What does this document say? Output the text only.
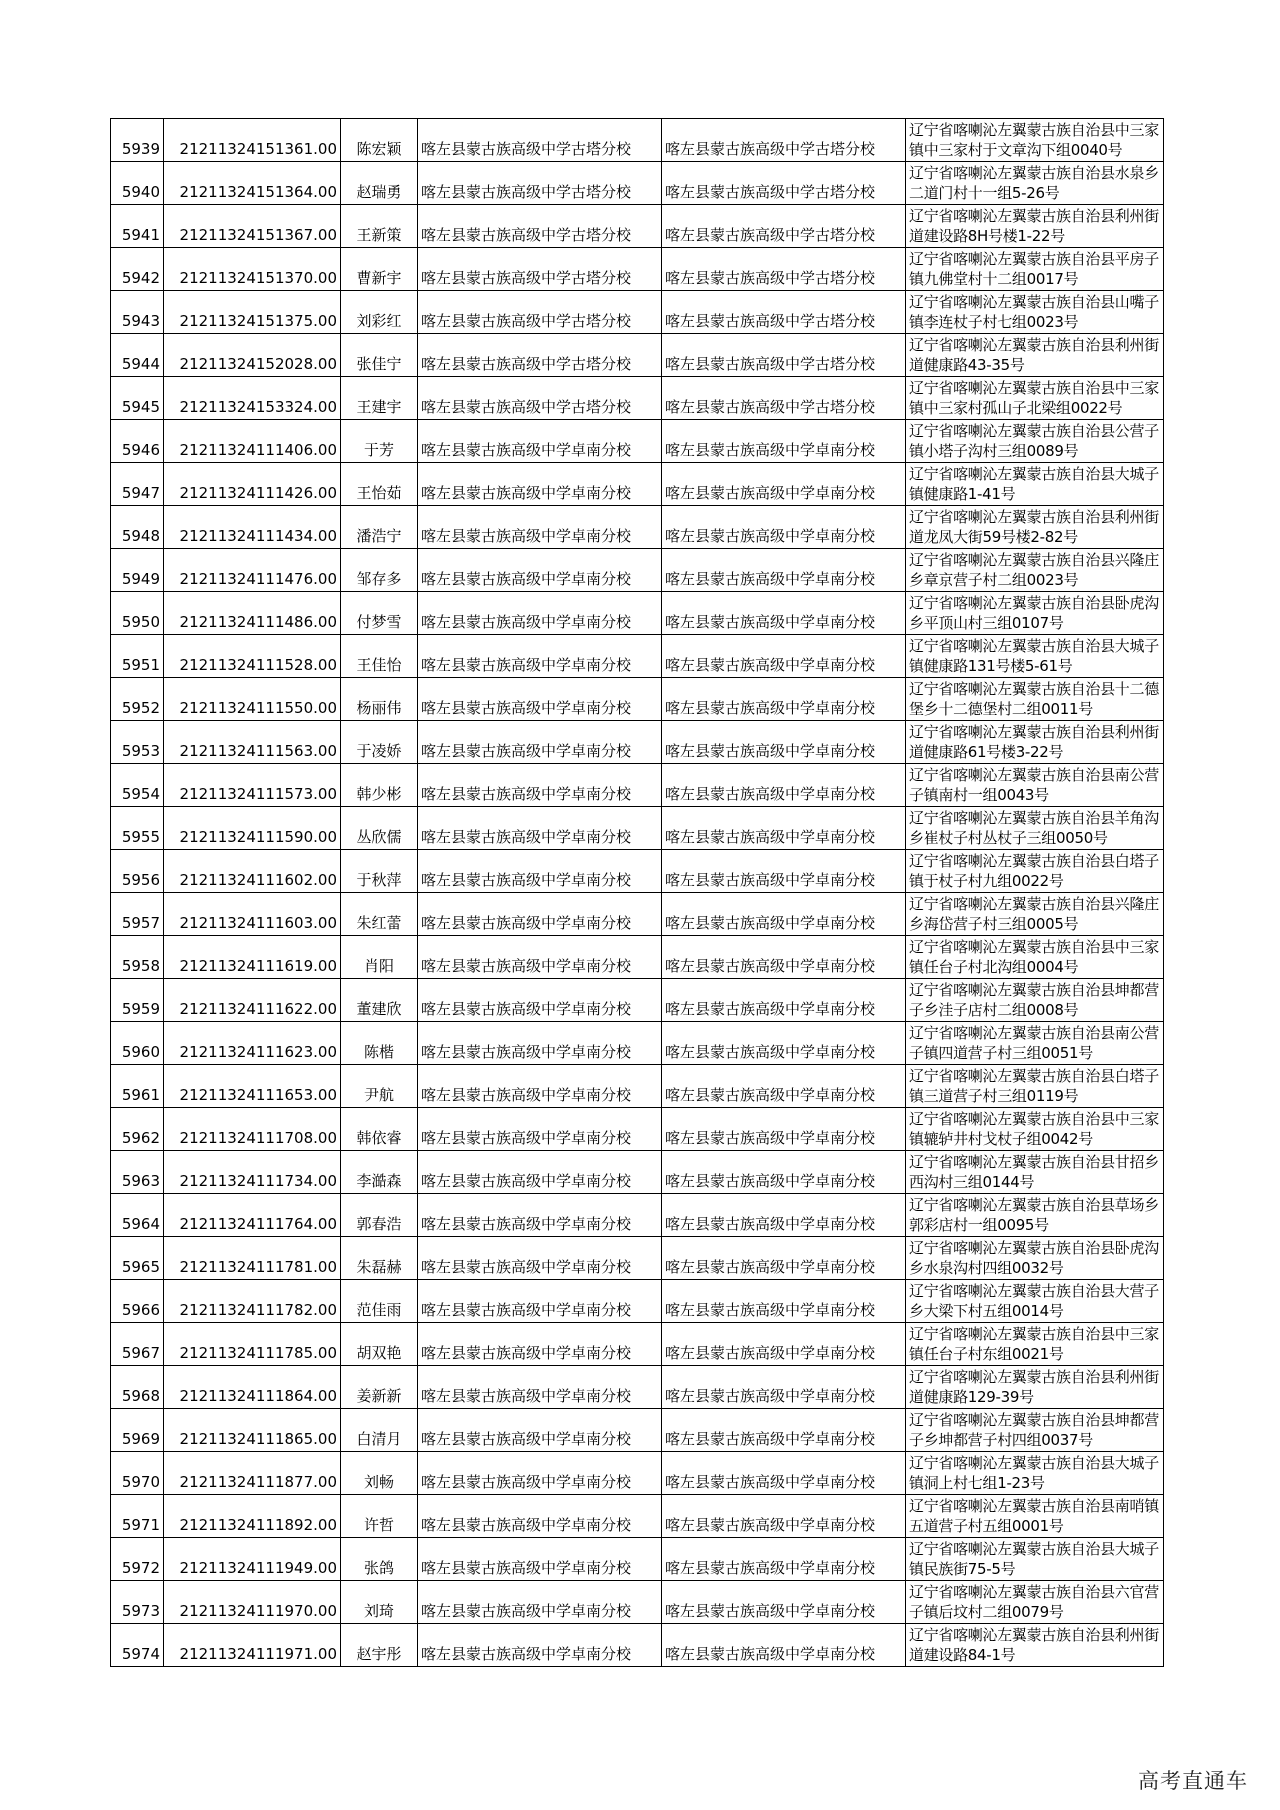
5939	21211324151361.00	陈宏颖	喀左县蒙古族高级中学古塔分校	喀左县蒙古族高级中学古塔分校	辽宁省喀喇沁左翼蒙古族自治县中三家镇中三家村于文章沟下组0040号
5940	21211324151364.00	赵瑞勇	喀左县蒙古族高级中学古塔分校	喀左县蒙古族高级中学古塔分校	辽宁省喀喇沁左翼蒙古族自治县水泉乡二道门村十一组5-26号
5941	21211324151367.00	王新策	喀左县蒙古族高级中学古塔分校	喀左县蒙古族高级中学古塔分校	辽宁省喀喇沁左翼蒙古族自治县利州街道建设路8H号楼1-22号
5942	21211324151370.00	曹新宇	喀左县蒙古族高级中学古塔分校	喀左县蒙古族高级中学古塔分校	辽宁省喀喇沁左翼蒙古族自治县平房子镇九佛堂村十二组0017号
5943	21211324151375.00	刘彩红	喀左县蒙古族高级中学古塔分校	喀左县蒙古族高级中学古塔分校	辽宁省喀喇沁左翼蒙古族自治县山嘴子镇李连杖子村七组0023号
5944	21211324152028.00	张佳宁	喀左县蒙古族高级中学古塔分校	喀左县蒙古族高级中学古塔分校	辽宁省喀喇沁左翼蒙古族自治县利州街道健康路43-35号
5945	21211324153324.00	王建宇	喀左县蒙古族高级中学古塔分校	喀左县蒙古族高级中学古塔分校	辽宁省喀喇沁左翼蒙古族自治县中三家镇中三家村孤山子北梁组0022号
5946	21211324111406.00	于芳	喀左县蒙古族高级中学卓南分校	喀左县蒙古族高级中学卓南分校	辽宁省喀喇沁左翼蒙古族自治县公营子镇小塔子沟村三组0089号
5947	21211324111426.00	王怡茹	喀左县蒙古族高级中学卓南分校	喀左县蒙古族高级中学卓南分校	辽宁省喀喇沁左翼蒙古族自治县大城子镇健康路1-41号
5948	21211324111434.00	潘浩宁	喀左县蒙古族高级中学卓南分校	喀左县蒙古族高级中学卓南分校	辽宁省喀喇沁左翼蒙古族自治县利州街道龙凤大街59号楼2-82号
5949	21211324111476.00	邹存多	喀左县蒙古族高级中学卓南分校	喀左县蒙古族高级中学卓南分校	辽宁省喀喇沁左翼蒙古族自治县兴隆庄乡章京营子村二组0023号
5950	21211324111486.00	付梦雪	喀左县蒙古族高级中学卓南分校	喀左县蒙古族高级中学卓南分校	辽宁省喀喇沁左翼蒙古族自治县卧虎沟乡平顶山村三组0107号
5951	21211324111528.00	王佳怡	喀左县蒙古族高级中学卓南分校	喀左县蒙古族高级中学卓南分校	辽宁省喀喇沁左翼蒙古族自治县大城子镇健康路131号楼5-61号
5952	21211324111550.00	杨丽伟	喀左县蒙古族高级中学卓南分校	喀左县蒙古族高级中学卓南分校	辽宁省喀喇沁左翼蒙古族自治县十二德堡乡十二德堡村二组0011号
5953	21211324111563.00	于凌娇	喀左县蒙古族高级中学卓南分校	喀左县蒙古族高级中学卓南分校	辽宁省喀喇沁左翼蒙古族自治县利州街道健康路61号楼3-22号
5954	21211324111573.00	韩少彬	喀左县蒙古族高级中学卓南分校	喀左县蒙古族高级中学卓南分校	辽宁省喀喇沁左翼蒙古族自治县南公营子镇南村一组0043号
5955	21211324111590.00	丛欣儒	喀左县蒙古族高级中学卓南分校	喀左县蒙古族高级中学卓南分校	辽宁省喀喇沁左翼蒙古族自治县羊角沟乡崔杖子村丛杖子三组0050号
5956	21211324111602.00	于秋萍	喀左县蒙古族高级中学卓南分校	喀左县蒙古族高级中学卓南分校	辽宁省喀喇沁左翼蒙古族自治县白塔子镇于杖子村九组0022号
5957	21211324111603.00	朱红蕾	喀左县蒙古族高级中学卓南分校	喀左县蒙古族高级中学卓南分校	辽宁省喀喇沁左翼蒙古族自治县兴隆庄乡海岱营子村三组0005号
5958	21211324111619.00	肖阳	喀左县蒙古族高级中学卓南分校	喀左县蒙古族高级中学卓南分校	辽宁省喀喇沁左翼蒙古族自治县中三家镇任台子村北沟组0004号
5959	21211324111622.00	董建欣	喀左县蒙古族高级中学卓南分校	喀左县蒙古族高级中学卓南分校	辽宁省喀喇沁左翼蒙古族自治县坤都营子乡洼子店村二组0008号
5960	21211324111623.00	陈楷	喀左县蒙古族高级中学卓南分校	喀左县蒙古族高级中学卓南分校	辽宁省喀喇沁左翼蒙古族自治县南公营子镇四道营子村三组0051号
5961	21211324111653.00	尹航	喀左县蒙古族高级中学卓南分校	喀左县蒙古族高级中学卓南分校	辽宁省喀喇沁左翼蒙古族自治县白塔子镇三道营子村三组0119号
5962	21211324111708.00	韩依睿	喀左县蒙古族高级中学卓南分校	喀左县蒙古族高级中学卓南分校	辽宁省喀喇沁左翼蒙古族自治县中三家镇辘轳井村戈杖子组0042号
5963	21211324111734.00	李澔森	喀左县蒙古族高级中学卓南分校	喀左县蒙古族高级中学卓南分校	辽宁省喀喇沁左翼蒙古族自治县甘招乡西沟村三组0144号
5964	21211324111764.00	郭春浩	喀左县蒙古族高级中学卓南分校	喀左县蒙古族高级中学卓南分校	辽宁省喀喇沁左翼蒙古族自治县草场乡郭彩店村一组0095号
5965	21211324111781.00	朱磊赫	喀左县蒙古族高级中学卓南分校	喀左县蒙古族高级中学卓南分校	辽宁省喀喇沁左翼蒙古族自治县卧虎沟乡水泉沟村四组0032号
5966	21211324111782.00	范佳雨	喀左县蒙古族高级中学卓南分校	喀左县蒙古族高级中学卓南分校	辽宁省喀喇沁左翼蒙古族自治县大营子乡大梁下村五组0014号
5967	21211324111785.00	胡双艳	喀左县蒙古族高级中学卓南分校	喀左县蒙古族高级中学卓南分校	辽宁省喀喇沁左翼蒙古族自治县中三家镇任台子村东组0021号
5968	21211324111864.00	姜新新	喀左县蒙古族高级中学卓南分校	喀左县蒙古族高级中学卓南分校	辽宁省喀喇沁左翼蒙古族自治县利州街道健康路129-39号
5969	21211324111865.00	白清月	喀左县蒙古族高级中学卓南分校	喀左县蒙古族高级中学卓南分校	辽宁省喀喇沁左翼蒙古族自治县坤都营子乡坤都营子村四组0037号
5970	21211324111877.00	刘畅	喀左县蒙古族高级中学卓南分校	喀左县蒙古族高级中学卓南分校	辽宁省喀喇沁左翼蒙古族自治县大城子镇洞上村七组1-23号
5971	21211324111892.00	许哲	喀左县蒙古族高级中学卓南分校	喀左县蒙古族高级中学卓南分校	辽宁省喀喇沁左翼蒙古族自治县南哨镇五道营子村五组0001号
5972	21211324111949.00	张鸽	喀左县蒙古族高级中学卓南分校	喀左县蒙古族高级中学卓南分校	辽宁省喀喇沁左翼蒙古族自治县大城子镇民族街75-5号
5973	21211324111970.00	刘琦	喀左县蒙古族高级中学卓南分校	喀左县蒙古族高级中学卓南分校	辽宁省喀喇沁左翼蒙古族自治县六官营子镇后坟村二组0079号
5974	21211324111971.00	赵宇彤	喀左县蒙古族高级中学卓南分校	喀左县蒙古族高级中学卓南分校	辽宁省喀喇沁左翼蒙古族自治县利州街道建设路84-1号
高考直通车
